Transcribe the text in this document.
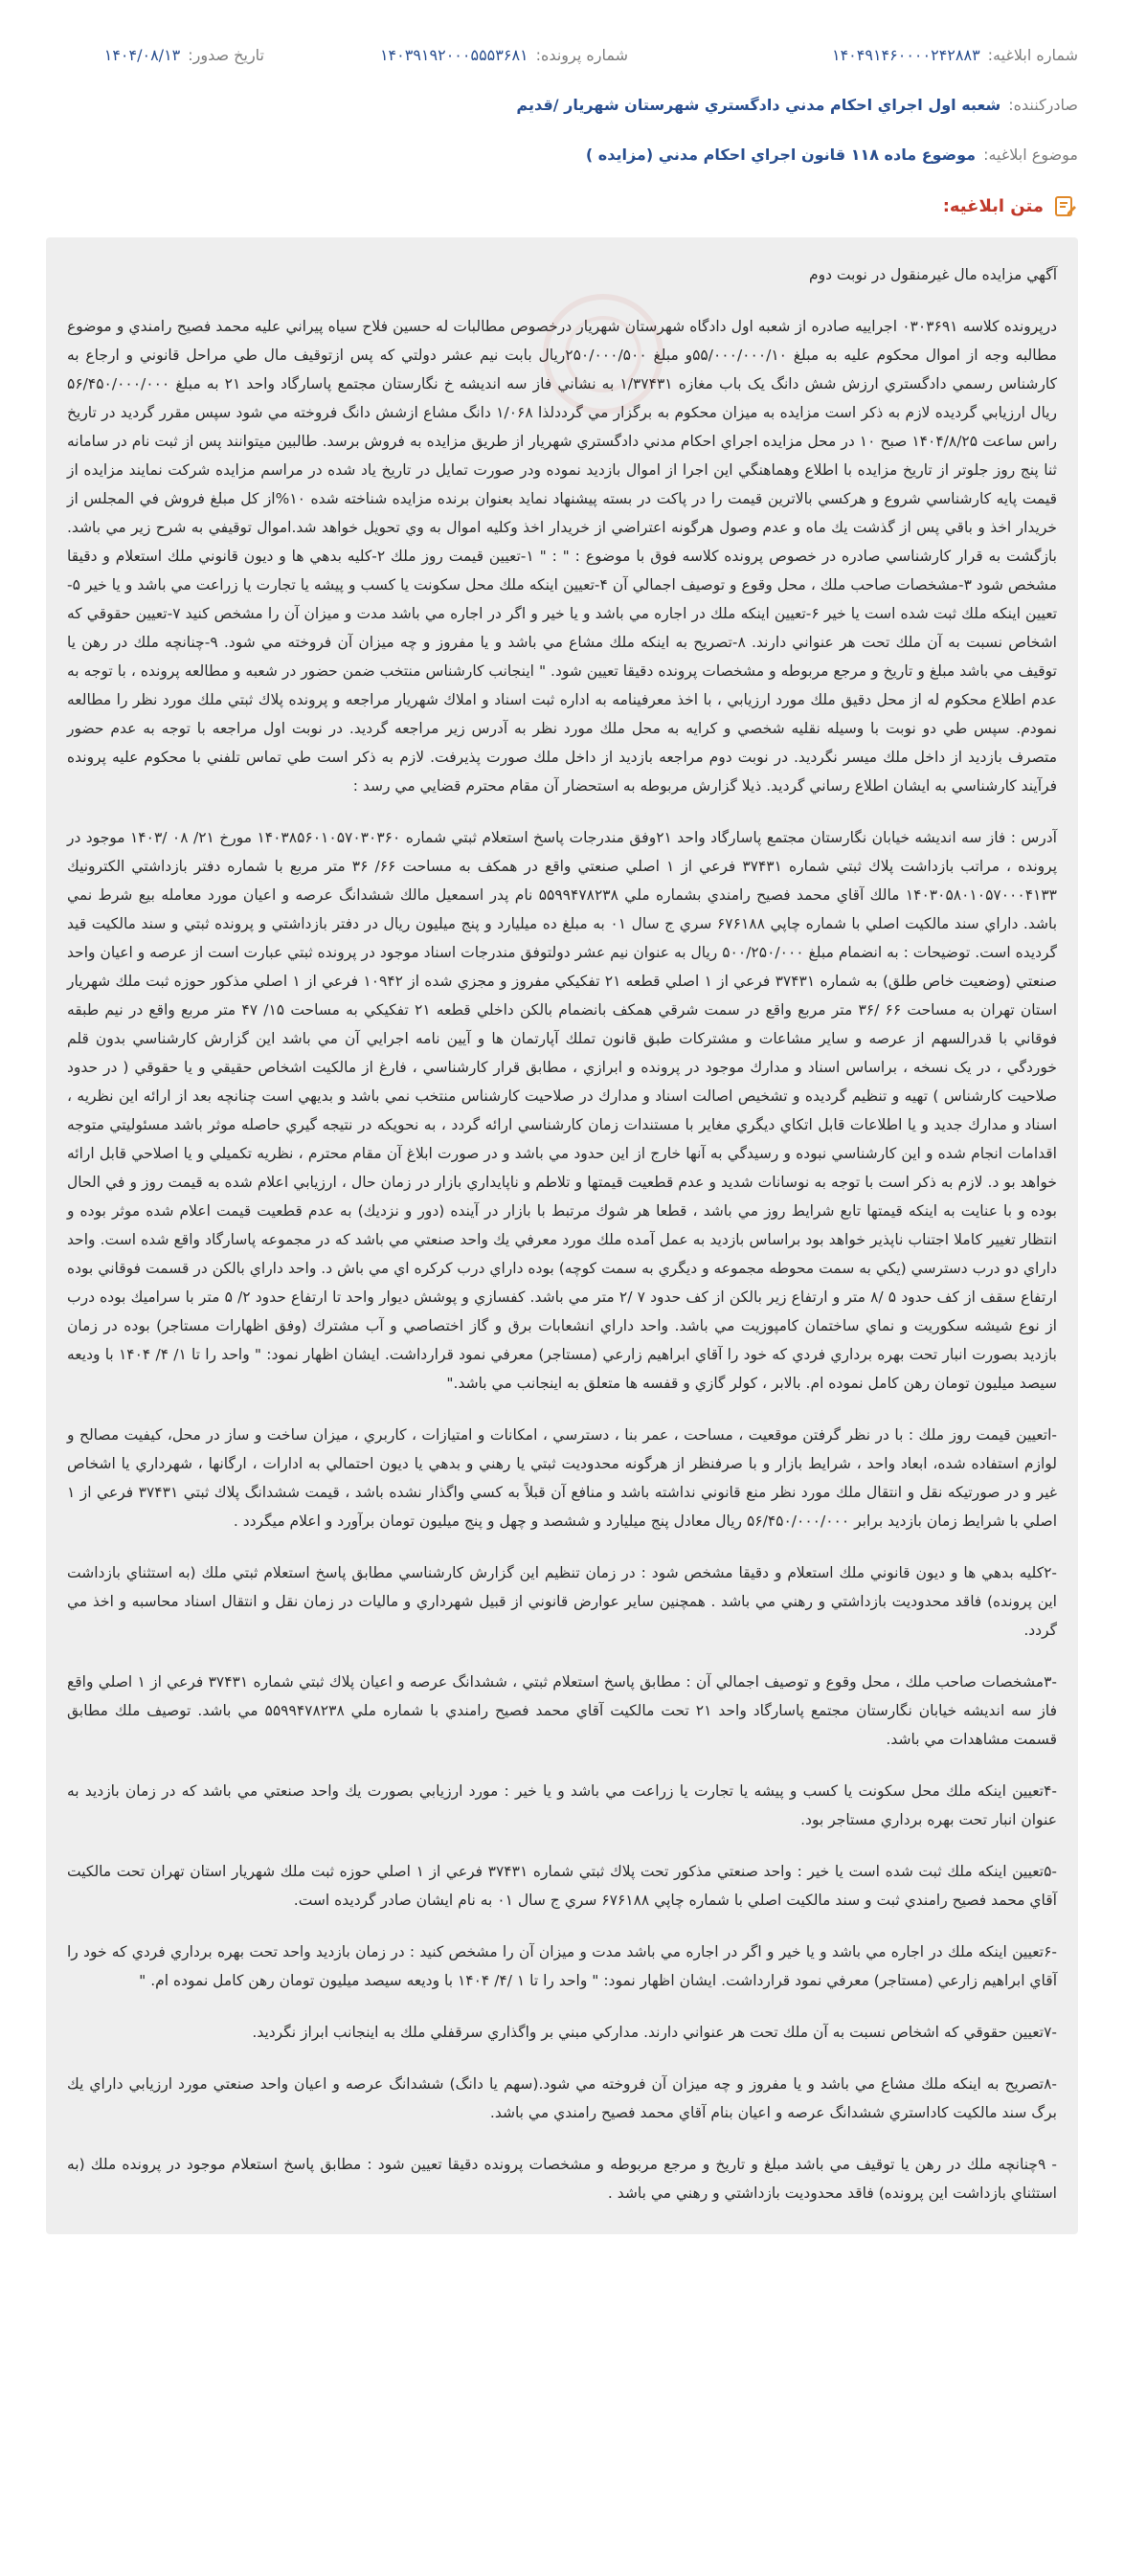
شماره ابلاغيه:
۱۴۰۴۹۱۴۶۰۰۰۰۲۴۲۸۸۳
شماره پرونده:
۱۴۰۳۹۱۹۲۰۰۰۵۵۵۳۶۸۱
تاريخ صدور:
۱۴۰۴/۰۸/۱۳
صادرکننده:
شعبه اول اجراي احكام مدني دادگستري شهرستان شهريار /قديم
موضوع ابلاغيه:
موضوع ماده ۱۱۸ قانون اجراي احكام مدني (مزايده )
متن ابلاغيه:
آگهي مزايده مال غيرمنقول در نوبت دوم

درپرونده كلاسه ۰۳۰۳۶۹۱ اجراييه صادره از شعبه اول دادگاه شهرستان شهريار درخصوص مطالبات له حسين فلاح سياه پيراني عليه محمد فصيح رامندي و موضوع مطالبه وجه از اموال محكوم عليه به مبلغ ۵۵/۰۰۰/۰۰۰/۱۰و مبلغ ۲۵۰/۰۰۰/۵۰۰ريال بابت نيم عشر دولتي كه پس ازتوقيف مال طي مراحل قانوني و ارجاع به كارشناس رسمي دادگستري ارزش شش دانگ يک باب مغازه ۱/۳۷۴۳۱ به نشاني فاز سه انديشه خ نگارستان مجتمع پاسارگاد واحد ۲۱ به مبلغ ۵۶/۴۵۰/۰۰۰/۰۰۰ ريال ارزيابي گرديده لازم به ذكر است مزايده به ميزان محكوم به برگزار مي گرددلذا ۱/۰۶۸ دانگ مشاع ازشش دانگ فروخته مي شود سپس مقرر گرديد در تاريخ راس ساعت ۱۴۰۴/۸/۲۵ صبح ۱۰ در محل مزايده اجراي احكام مدني دادگستري شهريار از طريق مزايده به فروش برسد. طالبين ميتوانند پس از ثبت نام در سامانه ثنا پنج روز جلوتر از تاريخ مزايده با اطلاع وهماهنگي اين اجرا از اموال بازديد نموده ودر صورت تمايل در تاريخ ياد شده در مراسم مزايده شركت نمايند مزايده از قيمت پايه كارشناسي شروع و هركسي بالاترين قيمت را در پاكت در بسته پيشنهاد نمايد بعنوان برنده مزايده شناخته شده ۱۰%از كل مبلغ فروش في المجلس از خريدار اخذ و باقي پس از گذشت يك ماه و عدم وصول هرگونه اعتراضي از خريدار اخذ وكليه اموال به وي تحويل خواهد شد.اموال توقيفي به شرح زير مي باشد. بازگشت به قرار كارشناسي صادره در خصوص پرونده كلاسه فوق با موضوع : " : " ۱-تعيين قيمت روز ملك ۲-كليه بدهي ها و ديون قانوني ملك استعلام و دقيقا مشخص شود ۳-مشخصات صاحب ملك ، محل وقوع و توصيف اجمالي آن ۴-تعيين اينكه ملك محل سكونت يا كسب و پيشه يا تجارت يا زراعت مي باشد و يا خير ۵-تعيين اينكه ملك ثبت شده است يا خير ۶-تعيين اينكه ملك در اجاره مي باشد و يا خير و اگر در اجاره مي باشد مدت و ميزان آن را مشخص كنيد ۷-تعيين حقوقي كه اشخاص نسبت به آن ملك تحت هر عنواني دارند. ۸-تصريح به اينكه ملك مشاع مي باشد و يا مفروز و چه ميزان آن فروخته مي شود. ۹-چنانچه ملك در رهن يا توقيف مي باشد مبلغ و تاريخ و مرجع مربوطه و مشخصات پرونده دقيقا تعيين شود. " اينجانب كارشناس منتخب ضمن حضور در شعبه و مطالعه پرونده ، با توجه به عدم اطلاع محكوم له از محل دقيق ملك مورد ارزيابي ، با اخذ معرفينامه به اداره ثبت اسناد و املاك شهريار مراجعه و پرونده پلاك ثبتي ملك مورد نظر را مطالعه نمودم. سپس طي دو نوبت با وسيله نقليه شخصي و كرايه به محل ملك مورد نظر به آدرس زير مراجعه گرديد. در نوبت اول مراجعه با توجه به عدم حضور متصرف بازديد از داخل ملك ميسر نگرديد. در نوبت دوم مراجعه بازديد از داخل ملك صورت پذيرفت. لازم به ذكر است طي تماس تلفني با محكوم عليه پرونده فرآيند كارشناسي به ايشان اطلاع رساني گرديد. ذيلا گزارش مربوطه به استحضار آن مقام محترم قضايي مي رسد :

آدرس : فاز سه انديشه خيابان نگارستان مجتمع پاسارگاد واحد ۲۱وفق مندرجات پاسخ استعلام ثبتي شماره ۱۴۰۳۸۵۶۰۱۰۵۷۰۳۰۳۶۰ مورخ ۲۱/ ۰۸ /۱۴۰۳ موجود در پرونده ، مراتب بازداشت پلاك ثبتي شماره ۳۷۴۳۱ فرعي از ۱ اصلي صنعتي واقع در همكف به مساحت ۶۶/ ۳۶ متر مربع با شماره دفتر بازداشتي الكترونيك ۱۴۰۳۰۵۸۰۱۰۵۷۰۰۰۴۱۳۳ مالك آقاي محمد فصيح رامندي بشماره ملي ۵۵۹۹۴۷۸۲۳۸ نام پدر اسمعيل مالك ششدانگ عرصه و اعيان مورد معامله بيع شرط نمي باشد. داراي سند مالكيت اصلي با شماره چاپي ۶۷۶۱۸۸ سري ج سال ۰۱ به مبلغ ده ميليارد و پنج ميليون ريال در دفتر بازداشتي و پرونده ثبتي و سند مالكيت قيد گرديده است. توضيحات : به انضمام مبلغ ۵۰۰/۲۵۰/۰۰۰ ريال به عنوان نيم عشر دولتوفق مندرجات اسناد موجود در پرونده ثبتي عبارت است از عرصه و اعيان واحد صنعتي (وضعيت خاص طلق) به شماره ۳۷۴۳۱ فرعي از ۱ اصلي قطعه ۲۱ تفكيكي مفروز و مجزي شده از ۱۰۹۴۲ فرعي از ۱ اصلي مذكور حوزه ثبت ملك شهريار استان تهران به مساحت ۶۶ /۳۶ متر مربع واقع در سمت شرقي همكف بانضمام بالكن داخلي قطعه ۲۱ تفكيكي به مساحت ۱۵/ ۴۷ متر مربع واقع در نيم طبقه فوقاني با قدرالسهم از عرصه و ساير مشاعات و مشتركات طبق قانون تملك آپارتمان ها و آيين نامه اجرايي آن مي باشد اين گزارش كارشناسي بدون قلم خوردگي ، در يک نسخه ، براساس اسناد و مدارك موجود در پرونده و ابرازي ، مطابق قرار كارشناسي ، فارغ از مالكيت اشخاص حقيقي و يا حقوقي ( در حدود صلاحيت كارشناس ) تهيه و تنظيم گرديده و تشخيص اصالت اسناد و مدارك در صلاحيت كارشناس منتخب نمي باشد و بديهي است چنانچه بعد از ارائه اين نظريه ، اسناد و مدارك جديد و يا اطلاعات قابل اتكاي ديگري مغاير با مستندات زمان كارشناسي ارائه گردد ، به نحويكه در نتيجه گيري حاصله موثر باشد مسئوليتي متوجه اقدامات انجام شده و اين كارشناسي نبوده و رسيدگي به آنها خارج از اين حدود مي باشد و در صورت ابلاغ آن مقام محترم ، نظريه تكميلي و يا اصلاحي قابل ارائه خواهد بو د. لازم به ذكر است با توجه به نوسانات شديد و عدم قطعيت قيمتها و تلاطم و ناپايداري بازار در زمان حال ، ارزيابي اعلام شده به قيمت روز و في الحال بوده و با عنايت به اينكه قيمتها تابع شرايط روز مي باشد ، قطعا هر شوك مرتبط با بازار در آينده (دور و نزديك) به عدم قطعيت قيمت اعلام شده موثر بوده و انتظار تغيير كاملا اجتناب ناپذير خواهد بود براساس بازديد به عمل آمده ملك مورد معرفي يك واحد صنعتي مي باشد كه در مجموعه پاسارگاد واقع شده است. واحد داراي دو درب دسترسي (يكي به سمت محوطه مجموعه و ديگري به سمت كوچه) بوده داراي درب كركره اي مي باش د. واحد داراي بالكن در قسمت فوقاني بوده ارتفاع سقف از كف حدود ۵ /۸ متر و ارتفاع زير بالكن از كف حدود ۷ /۲ متر مي باشد. كفسازي و پوشش ديوار واحد تا ارتفاع حدود ۲/ ۵ متر با سراميك بوده درب از نوع شيشه سكوريت و نماي ساختمان كامپوزيت مي باشد. واحد داراي انشعابات برق و گاز اختصاصي و آب مشترك (وفق اظهارات مستاجر) بوده در زمان بازديد بصورت انبار تحت بهره برداري فردي كه خود را آقاي ابراهيم زارعي (مستاجر) معرفي نمود قرارداشت. ايشان اظهار نمود: " واحد را تا ۱/ ۴/ ۱۴۰۴ با وديعه سيصد ميليون تومان رهن كامل نموده ام. بالابر ، كولر گازي و قفسه ها متعلق به اينجانب مي باشد."

-اتعيين قيمت روز ملك : با در نظر گرفتن موقعيت ، مساحت ، عمر بنا ، دسترسي ، امكانات و امتيازات ، كاربري ، ميزان ساخت و ساز در محل، كيفيت مصالح و لوازم استفاده شده، ابعاد واحد ، شرايط بازار و با صرفنظر از هرگونه محدوديت ثبتي يا رهني و بدهي يا ديون احتمالي به ادارات ، ارگانها ، شهرداري يا اشخاص غير و در صورتيكه نقل و انتقال ملك مورد نظر منع قانوني نداشته باشد و منافع آن قبلاً به كسي واگذار نشده باشد ، قيمت ششدانگ پلاك ثبتي ۳۷۴۳۱ فرعي از ۱ اصلي با شرايط زمان بازديد برابر ۵۶/۴۵۰/۰۰۰/۰۰۰ ريال معادل پنج ميليارد و ششصد و چهل و پنج ميليون تومان برآورد و اعلام ميگردد .

-۲كليه بدهي ها و ديون قانوني ملك استعلام و دقيقا مشخص شود : در زمان تنظيم اين گزارش كارشناسي مطابق پاسخ استعلام ثبتي ملك (به استثناي بازداشت اين پرونده) فاقد محدوديت بازداشتي و رهني مي باشد . همچنين ساير عوارض قانوني از قبيل شهرداري و ماليات در زمان نقل و انتقال اسناد محاسبه و اخذ مي گردد.

-۳مشخصات صاحب ملك ، محل وقوع و توصيف اجمالي آن : مطابق پاسخ استعلام ثبتي ، ششدانگ عرصه و اعيان پلاك ثبتي شماره ۳۷۴۳۱ فرعي از ۱ اصلي واقع فاز سه انديشه خيابان نگارستان مجتمع پاسارگاد واحد ۲۱ تحت مالكيت آقاي محمد فصيح رامندي با شماره ملي ۵۵۹۹۴۷۸۲۳۸ مي باشد. توصيف ملك مطابق قسمت مشاهدات مي باشد.

-۴تعيين اينكه ملك محل سكونت يا كسب و پيشه يا تجارت يا زراعت مي باشد و يا خير : مورد ارزيابي بصورت يك واحد صنعتي مي باشد كه در زمان بازديد به عنوان انبار تحت بهره برداري مستاجر بود.

-۵تعيين اينكه ملك ثبت شده است يا خير : واحد صنعتي مذكور تحت پلاك ثبتي شماره ۳۷۴۳۱ فرعي از ۱ اصلي حوزه ثبت ملك شهريار استان تهران تحت مالكيت آقاي محمد فصيح رامندي ثبت و سند مالكيت اصلي با شماره چاپي ۶۷۶۱۸۸ سري ج سال ۰۱ به نام ايشان صادر گرديده است.

-۶تعيين اينكه ملك در اجاره مي باشد و يا خير و اگر در اجاره مي باشد مدت و ميزان آن را مشخص كنيد : در زمان بازديد واحد تحت بهره برداري فردي كه خود را آقاي ابراهيم زارعي (مستاجر) معرفي نمود قرارداشت. ايشان اظهار نمود: " واحد را تا ۱ /۴/ ۱۴۰۴ با وديعه سيصد ميليون تومان رهن كامل نموده ام. "

-۷تعيين حقوقي كه اشخاص نسبت به آن ملك تحت هر عنواني دارند. مداركي مبني بر واگذاري سرقفلي ملك به اينجانب ابراز نگرديد.

-۸تصريح به اينكه ملك مشاع مي باشد و يا مفروز و چه ميزان آن فروخته مي شود.(سهم يا دانگ) ششدانگ عرصه و اعيان واحد صنعتي مورد ارزيابي داراي يك برگ سند مالكيت كاداستري ششدانگ عرصه و اعيان بنام آقاي محمد فصيح رامندي مي باشد.

- ۹چنانچه ملك در رهن يا توقيف مي باشد مبلغ و تاريخ و مرجع مربوطه و مشخصات پرونده دقيقا تعيين شود : مطابق پاسخ استعلام موجود در پرونده ملك (به استثناي بازداشت اين پرونده) فاقد محدوديت بازداشتي و رهني مي باشد .
